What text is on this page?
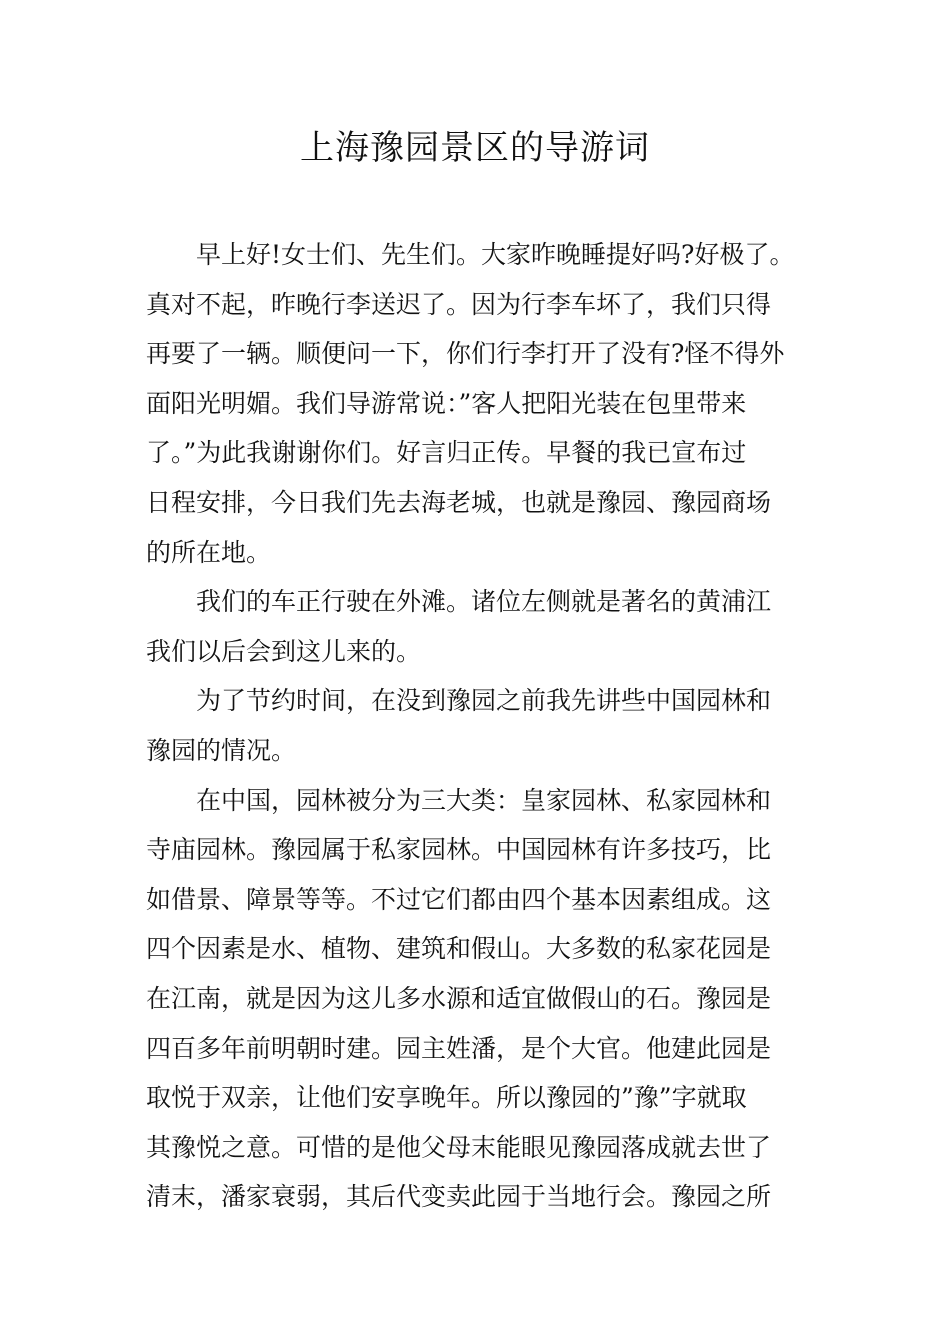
上海豫园景区的导游词
早上好!女士们、先生们。大家昨晚睡提好吗?好极了。
真对不起，昨晚行李送迟了。因为行李车坏了，我们只得
再要了一辆。顺便问一下，你们行李打开了没有?怪不得外
面阳光明媚。我们导游常说：”客人把阳光装在包里带来
了。”为此我谢谢你们。好言归正传。早餐的我已宣布过
日程安排，今日我们先去海老城，也就是豫园、豫园商场
的所在地。
我们的车正行驶在外滩。诸位左侧就是著名的黄浦江
我们以后会到这儿来的。
为了节约时间，在没到豫园之前我先讲些中国园林和
豫园的情况。
在中国，园林被分为三大类：皇家园林、私家园林和
寺庙园林。豫园属于私家园林。中国园林有许多技巧，比
如借景、障景等等。不过它们都由四个基本因素组成。这
四个因素是水、植物、建筑和假山。大多数的私家花园是
在江南，就是因为这儿多水源和适宜做假山的石。豫园是
四百多年前明朝时建。园主姓潘，是个大官。他建此园是
取悦于双亲，让他们安享晚年。所以豫园的”豫”字就取
其豫悦之意。可惜的是他父母末能眼见豫园落成就去世了
清末，潘家衰弱，其后代变卖此园于当地行会。豫园之所
